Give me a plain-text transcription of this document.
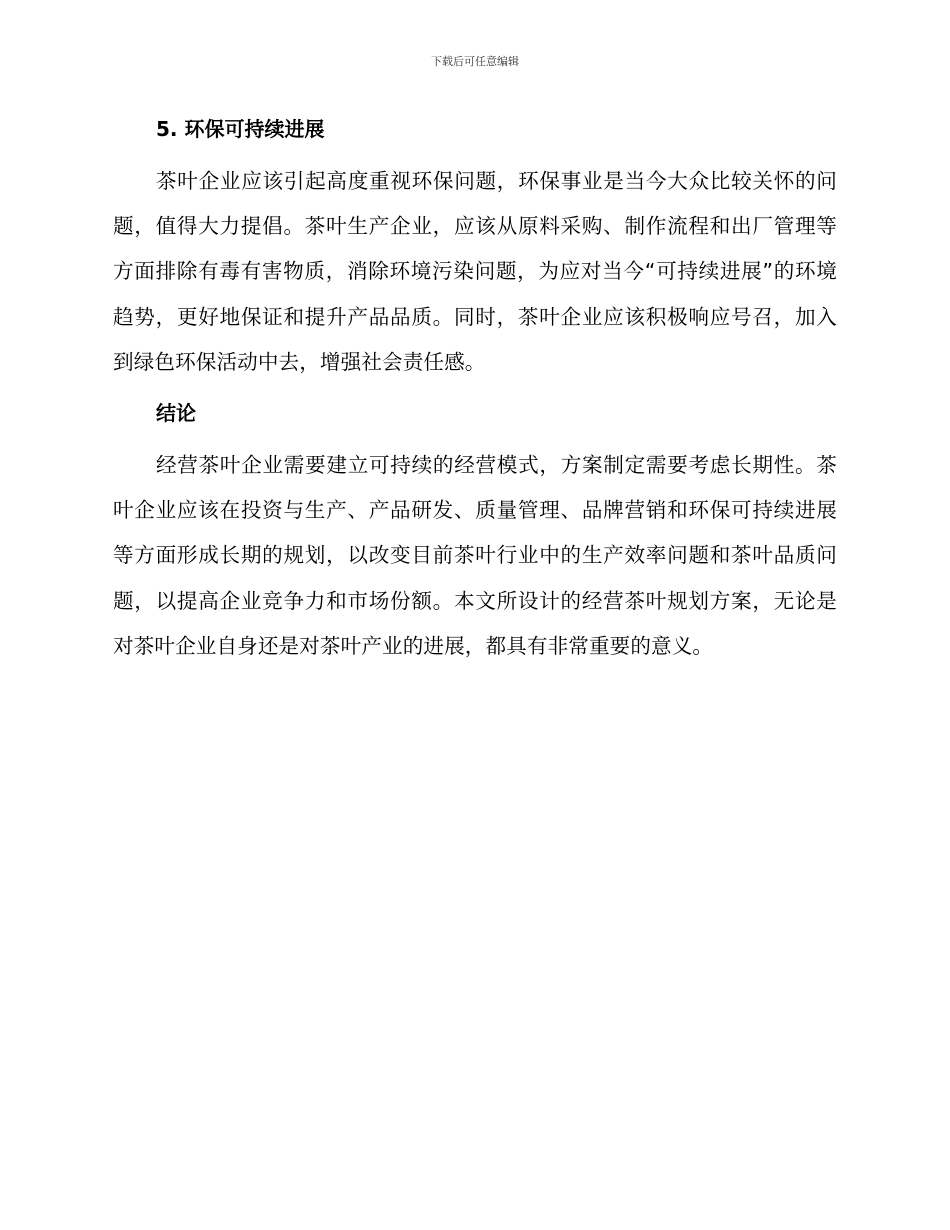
下载后可任意编辑
5. 环保可持续进展

茶叶企业应该引起高度重视环保问题，环保事业是当今大众比较关怀的问题，值得大力提倡。茶叶生产企业，应该从原料采购、制作流程和出厂管理等方面排除有毒有害物质，消除环境污染问题，为应对当今“可持续进展”的环境趋势，更好地保证和提升产品品质。同时，茶叶企业应该积极响应号召，加入到绿色环保活动中去，增强社会责任感。

结论

经营茶叶企业需要建立可持续的经营模式，方案制定需要考虑长期性。茶叶企业应该在投资与生产、产品研发、质量管理、品牌营销和环保可持续进展等方面形成长期的规划，以改变目前茶叶行业中的生产效率问题和茶叶品质问题，以提高企业竞争力和市场份额。本文所设计的经营茶叶规划方案，无论是对茶叶企业自身还是对茶叶产业的进展，都具有非常重要的意义。
